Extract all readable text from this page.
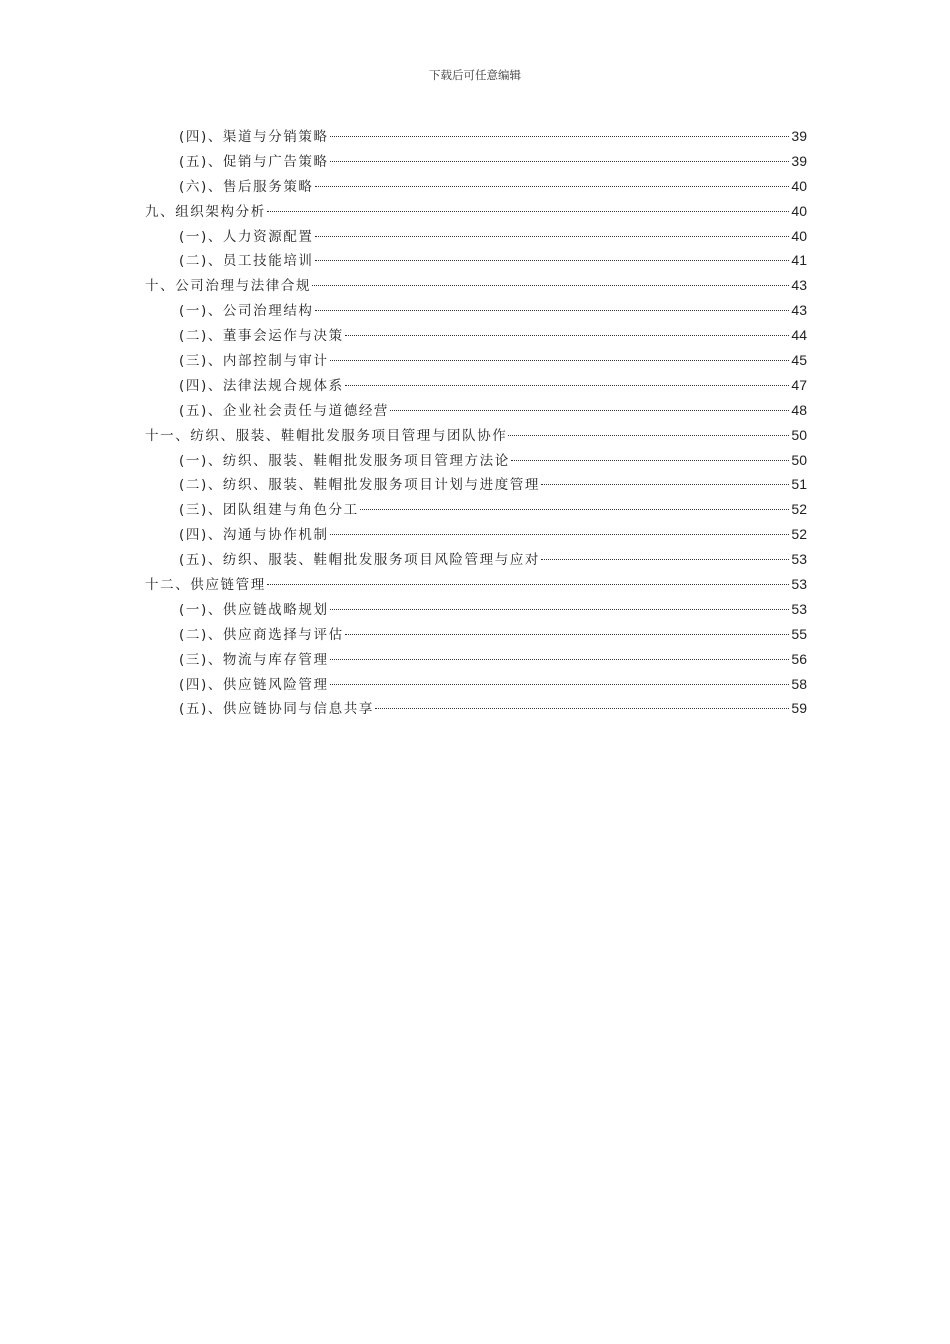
下载后可任意编辑
(四)、渠道与分销策略	39
(五)、促销与广告策略	39
(六)、售后服务策略	40
九、组织架构分析	40
(一)、人力资源配置	40
(二)、员工技能培训	41
十、公司治理与法律合规	43
(一)、公司治理结构	43
(二)、董事会运作与决策	44
(三)、内部控制与审计	45
(四)、法律法规合规体系	47
(五)、企业社会责任与道德经营	48
十一、纺织、服装、鞋帽批发服务项目管理与团队协作	50
(一)、纺织、服装、鞋帽批发服务项目管理方法论	50
(二)、纺织、服装、鞋帽批发服务项目计划与进度管理	51
(三)、团队组建与角色分工	52
(四)、沟通与协作机制	52
(五)、纺织、服装、鞋帽批发服务项目风险管理与应对	53
十二、供应链管理	53
(一)、供应链战略规划	53
(二)、供应商选择与评估	55
(三)、物流与库存管理	56
(四)、供应链风险管理	58
(五)、供应链协同与信息共享	59
